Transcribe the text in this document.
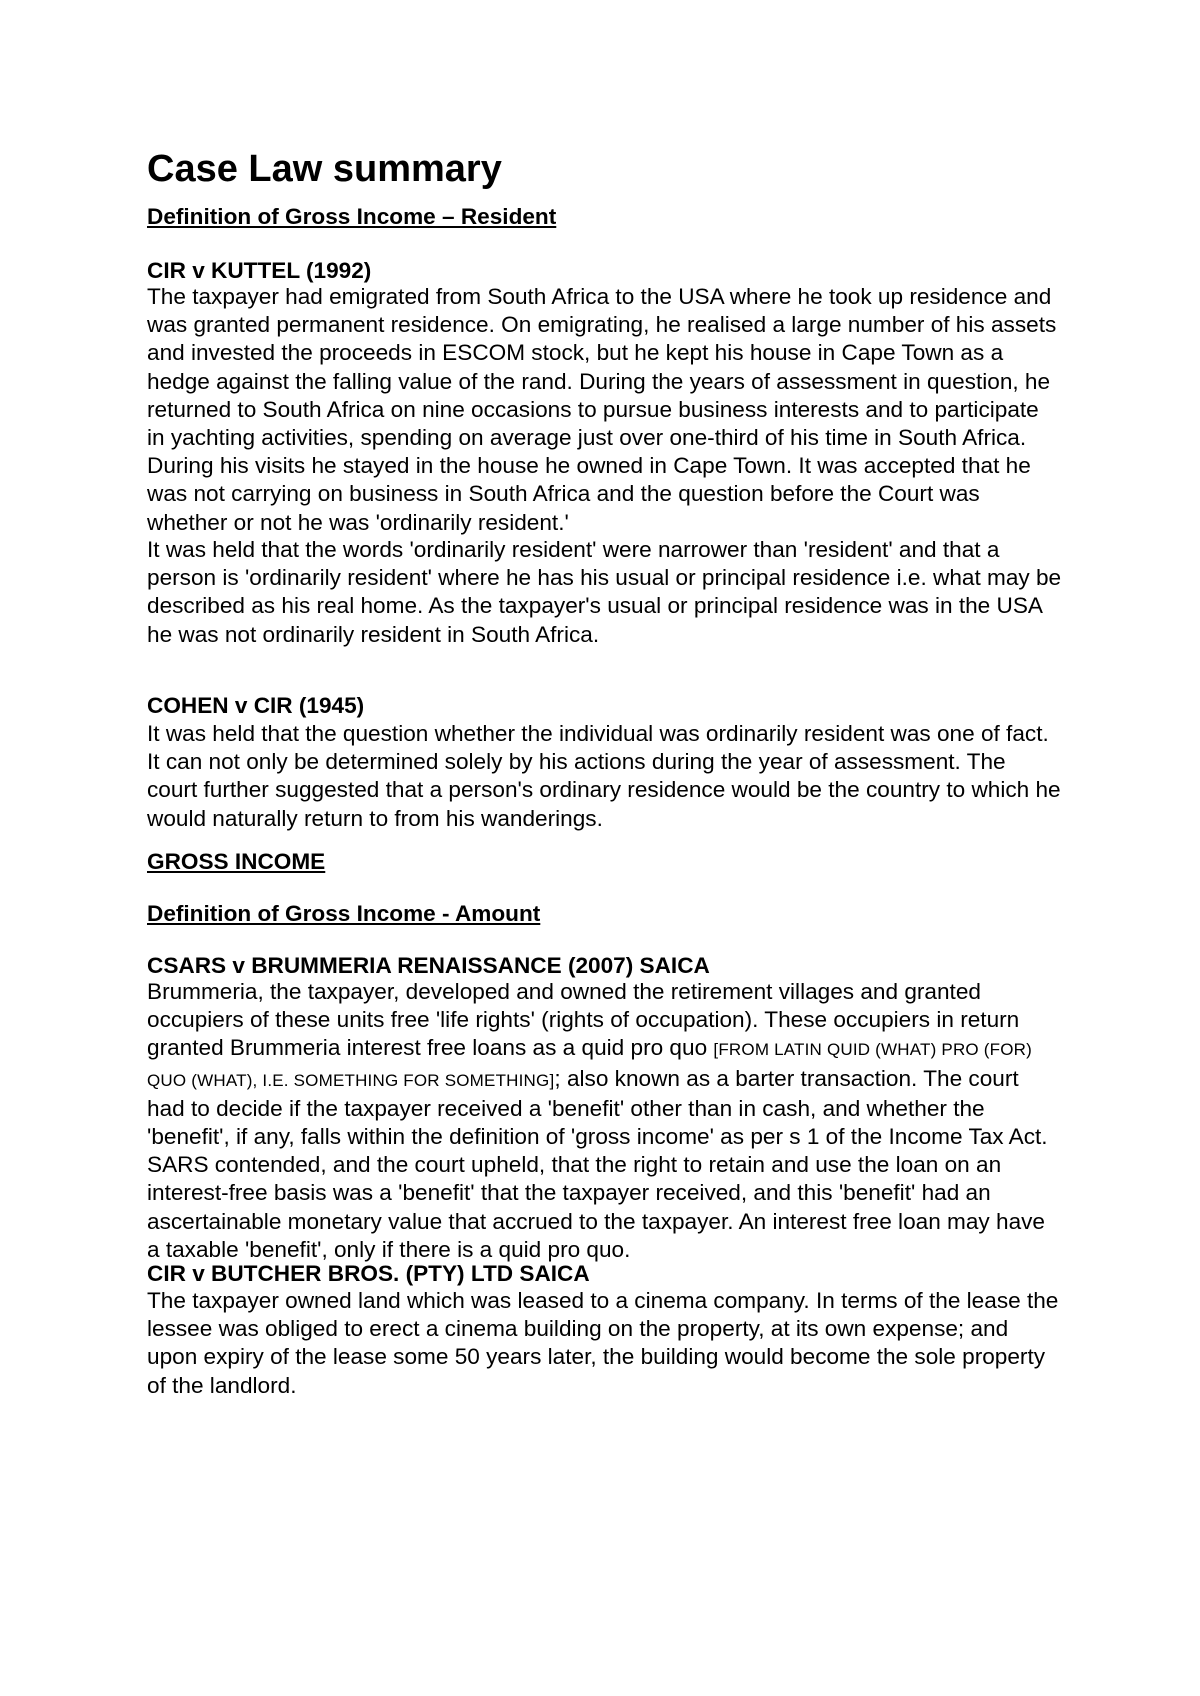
Case Law summary
Definition of Gross Income – Resident
CIR v KUTTEL (1992)

The taxpayer had emigrated from South Africa to the USA where he took up residence and was granted permanent residence. On emigrating, he realised a large number of his assets and invested the proceeds in ESCOM stock, but he kept his house in Cape Town as a hedge against the falling value of the rand. During the years of assessment in question, he returned to South Africa on nine occasions to pursue business interests and to participate in yachting activities, spending on average just over one-third of his time in South Africa. During his visits he stayed in the house he owned in Cape Town. It was accepted that he was not carrying on business in South Africa and the question before the Court was whether or not he was 'ordinarily resident.'

It was held that the words 'ordinarily resident' were narrower than 'resident' and that a person is 'ordinarily resident' where he has his usual or principal residence i.e. what may be described as his real home. As the taxpayer's usual or principal residence was in the USA he was not ordinarily resident in South Africa.

COHEN v CIR (1945)

It was held that the question whether the individual was ordinarily resident was one of fact. It can not only be determined solely by his actions during the year of assessment. The court further suggested that a person's ordinary residence would be the country to which he would naturally return to from his wanderings.

GROSS INCOME
Definition of Gross Income - Amount
CSARS v BRUMMERIA RENAISSANCE (2007) SAICA

Brummeria, the taxpayer, developed and owned the retirement villages and granted occupiers of these units free 'life rights' (rights of occupation). These occupiers in return granted Brummeria interest free loans as a quid pro quo [FROM LATIN QUID (WHAT) PRO (FOR) QUO (WHAT), I.E. SOMETHING FOR SOMETHING]; also known as a barter transaction. The court had to decide if the taxpayer received a 'benefit' other than in cash, and whether the 'benefit', if any, falls within the definition of 'gross income' as per s 1 of the Income Tax Act. SARS contended, and the court upheld, that the right to retain and use the loan on an interest-free basis was a 'benefit' that the taxpayer received, and this 'benefit' had an ascertainable monetary value that accrued to the taxpayer. An interest free loan may have a taxable 'benefit', only if there is a quid pro quo.

CIR v BUTCHER BROS. (PTY) LTD SAICA

The taxpayer owned land which was leased to a cinema company. In terms of the lease the lessee was obliged to erect a cinema building on the property, at its own expense; and upon expiry of the lease some 50 years later, the building would become the sole property of the landlord.
